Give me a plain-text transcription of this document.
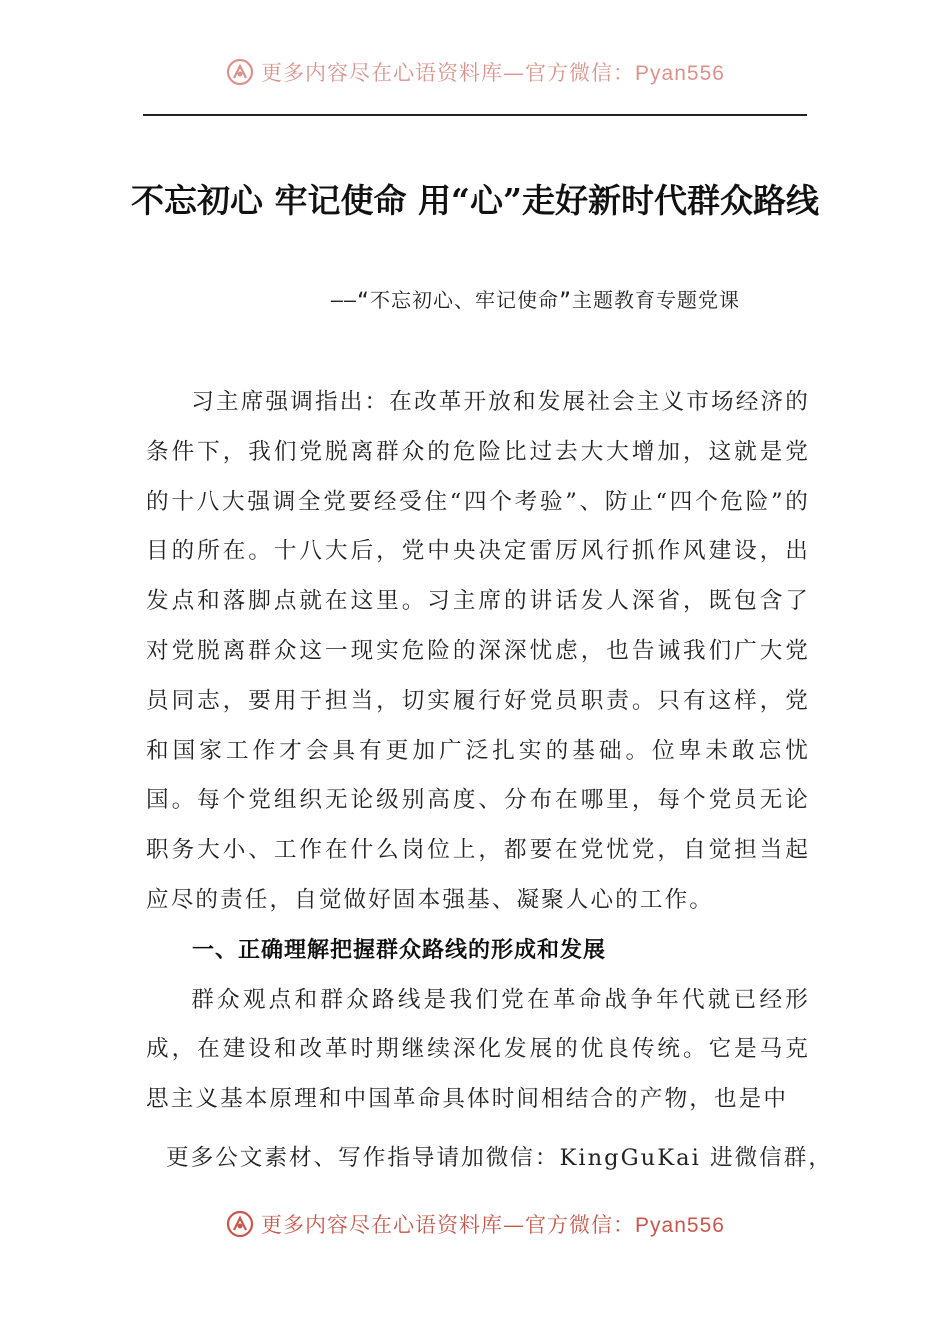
更多内容尽在心语资料库—官方微信：Pyan556
不忘初心 牢记使命 用“心”走好新时代群众路线
——“不忘初心、牢记使命”主题教育专题党课

习主席强调指出：在改革开放和发展社会主义市场经济的条件下，我们党脱离群众的危险比过去大大增加，这就是党的十八大强调全党要经受住“四个考验”、防止“四个危险”的目的所在。十八大后，党中央决定雷厉风行抓作风建设，出发点和落脚点就在这里。习主席的讲话发人深省，既包含了对党脱离群众这一现实危险的深深忧虑，也告诫我们广大党员同志，要用于担当，切实履行好党员职责。只有这样，党和国家工作才会具有更加广泛扎实的基础。位卑未敢忘忧国。每个党组织无论级别高度、分布在哪里，每个党员无论职务大小、工作在什么岗位上，都要在党忧党，自觉担当起应尽的责任，自觉做好固本强基、凝聚人心的工作。

一、正确理解把握群众路线的形成和发展

群众观点和群众路线是我们党在革命战争年代就已经形成，在建设和改革时期继续深化发展的优良传统。它是马克思主义基本原理和中国革命具体时间相结合的产物，也是中

更多公文素材、写作指导请加微信：KingGuKai 进微信群，
更多内容尽在心语资料库—官方微信：Pyan556
